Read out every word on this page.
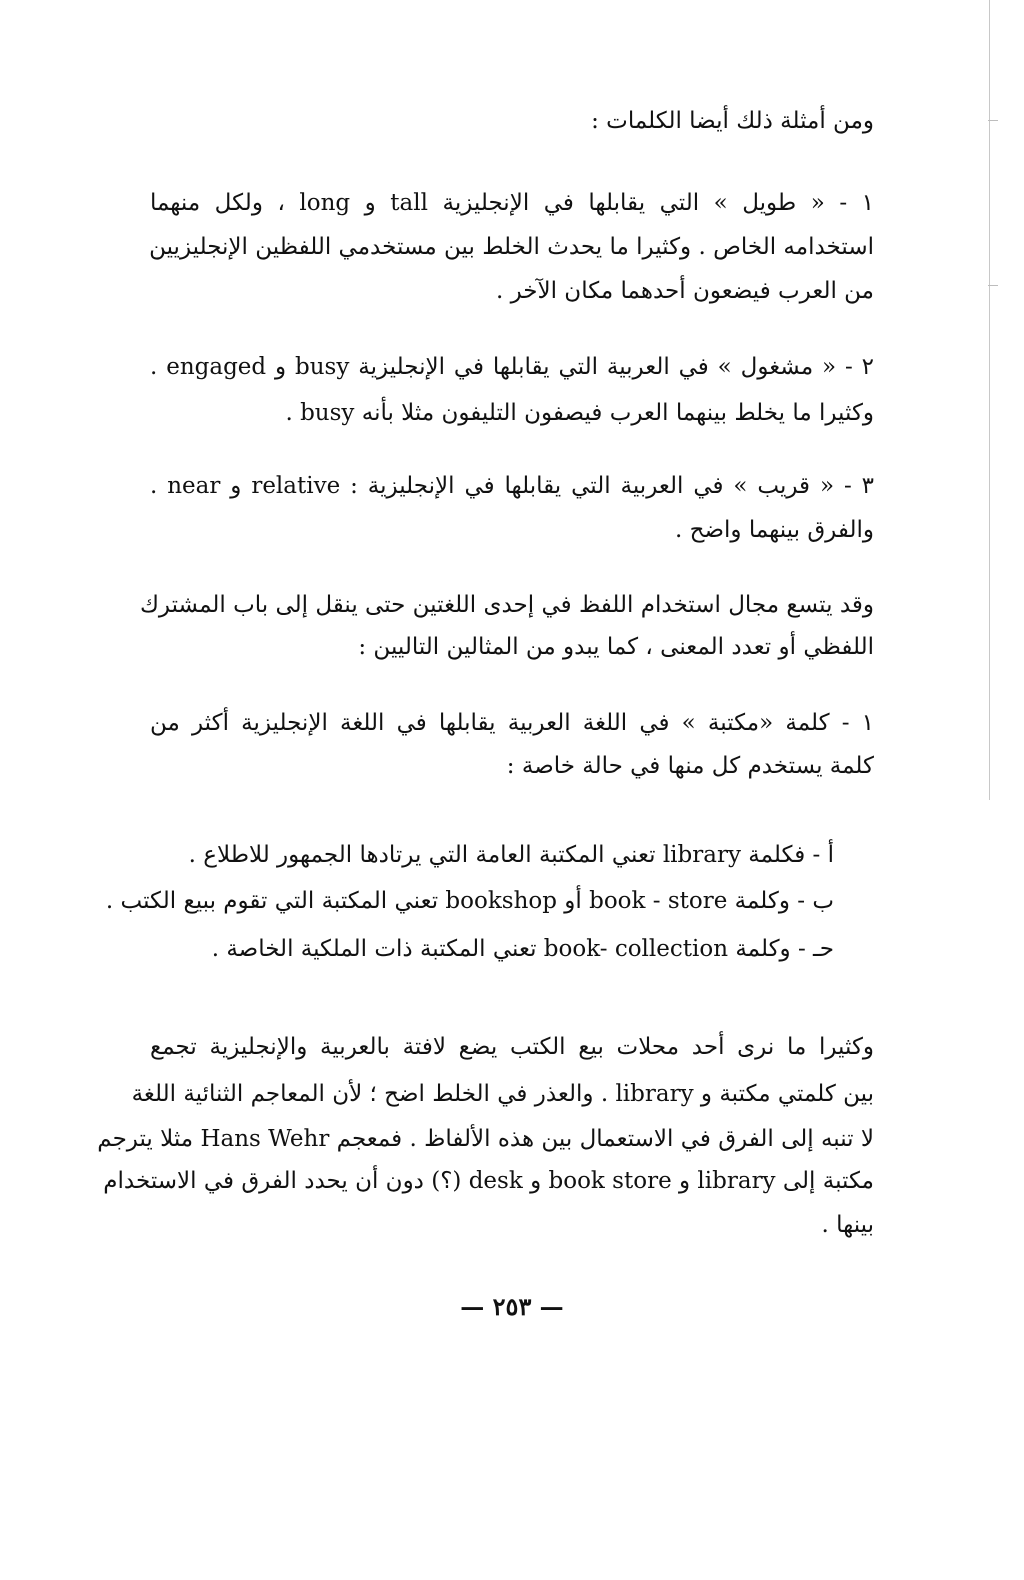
ومن أمثلة ذلك أيضا الكلمات :
١ - « طويل » التي يقابلها في الإنجليزية tall و long ، ولكل منهما
استخدامه الخاص . وكثيرا ما يحدث الخلط بين مستخدمي اللفظين الإنجليزيين
من العرب فيضعون أحدهما مكان الآخر .
٢ - « مشغول » في العربية التي يقابلها في الإنجليزية busy و engaged .
وكثيرا ما يخلط بينهما العرب فيصفون التليفون مثلا بأنه busy .
٣ - « قريب » في العربية التي يقابلها في الإنجليزية : relative و near .
والفرق بينهما واضح .
وقد يتسع مجال استخدام اللفظ في إحدى اللغتين حتى ينقل إلى باب المشترك
اللفظي أو تعدد المعنى ، كما يبدو من المثالين التاليين :
١ - كلمة «مكتبة » في اللغة العربية يقابلها في اللغة الإنجليزية أكثر من
كلمة يستخدم كل منها في حالة خاصة :
أ - فكلمة library تعني المكتبة العامة التي يرتادها الجمهور للاطلاع .
ب - وكلمة book - store أو bookshop تعني المكتبة التي تقوم ببيع الكتب .
حـ - وكلمة book- collection تعني المكتبة ذات الملكية الخاصة .
وكثيرا ما نرى أحد محلات بيع الكتب يضع لافتة بالعربية والإنجليزية تجمع
بين كلمتي مكتبة و library . والعذر في الخلط اضح ؛ لأن المعاجم الثنائية اللغة
لا تنبه إلى الفرق في الاستعمال بين هذه الألفاظ . فمعجم Hans Wehr مثلا يترجم
مكتبة إلى library و book store و desk (؟) دون أن يحدد الفرق في الاستخدام
بينها .
— ٢٥٣ —
